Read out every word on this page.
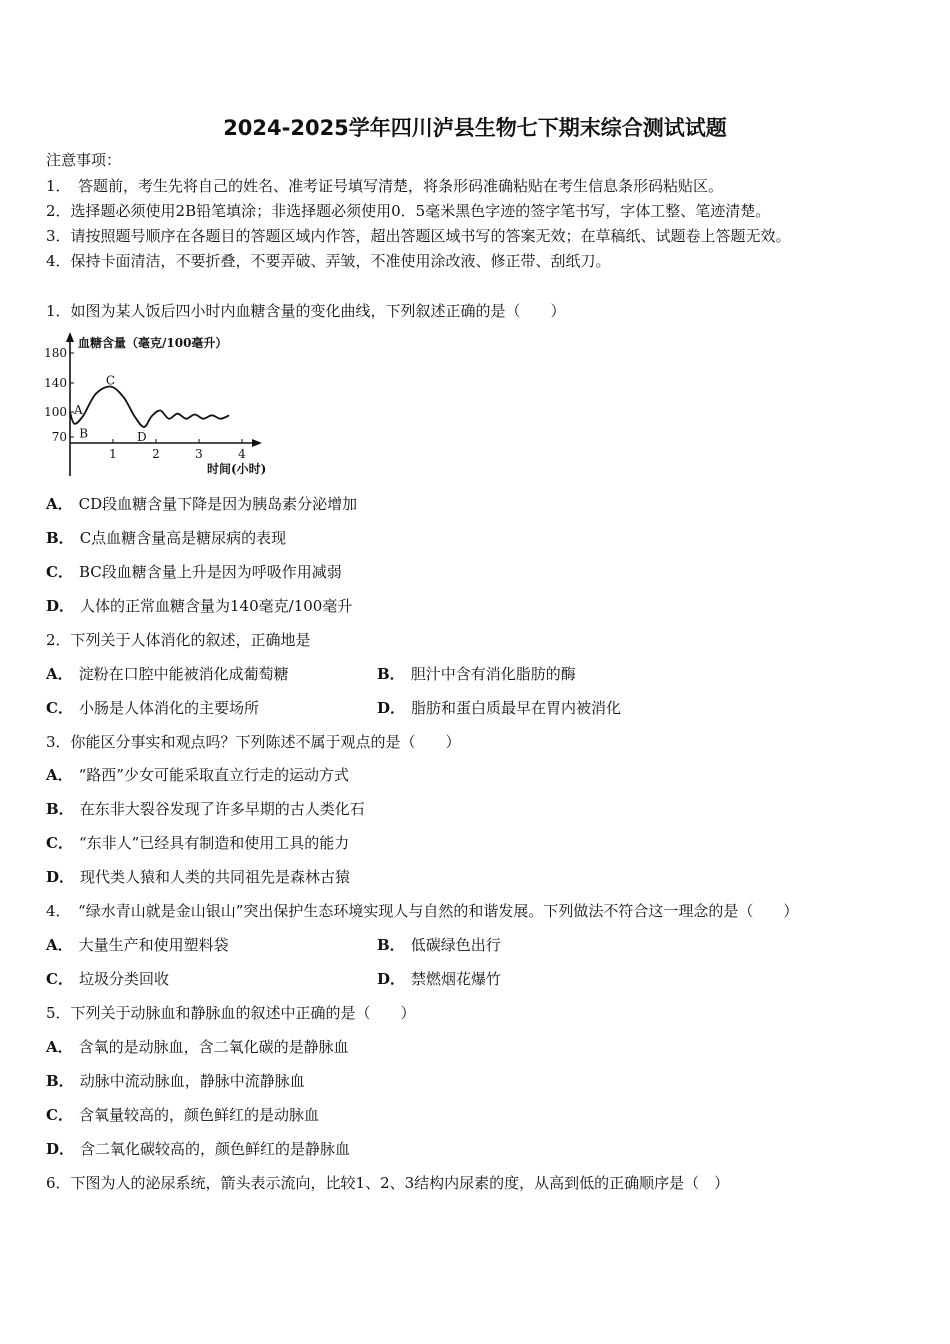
2024-2025学年四川泸县生物七下期末综合测试试题
注意事项：
1．　答题前，考生先将自己的姓名、准考证号填写清楚，将条形码准确粘贴在考生信息条形码粘贴区。
2．选择题必须使用2B铅笔填涂；非选择题必须使用0．5毫米黑色字迹的签字笔书写，字体工整、笔迹清楚。
3．请按照题号顺序在各题目的答题区域内作答，超出答题区域书写的答案无效；在草稿纸、试题卷上答题无效。
4．保持卡面清洁，不要折叠，不要弄破、弄皱，不准使用涂改液、修正带、刮纸刀。
1．如图为某人饭后四小时内血糖含量的变化曲线，下列叙述正确的是（　　）
血糖含量（毫克/100毫升）
时间(小时)
180
140
100
70
1	2	3	4
A
B
C
D
A． CD段血糖含量下降是因为胰岛素分泌增加
B． C点血糖含量高是糖尿病的表现
C． BC段血糖含量上升是因为呼吸作用减弱
D． 人体的正常血糖含量为140毫克/100毫升
2．下列关于人体消化的叙述，正确地是
A． 淀粉在口腔中能被消化成葡萄糖	B． 胆汁中含有消化脂肪的酶
C． 小肠是人体消化的主要场所	D． 脂肪和蛋白质最早在胃内被消化
3．你能区分事实和观点吗？下列陈述不属于观点的是（　　）
A． “路西”少女可能采取直立行走的运动方式
B． 在东非大裂谷发现了许多早期的古人类化石
C． “东非人”已经具有制造和使用工具的能力
D． 现代类人猿和人类的共同祖先是森林古猿
4．　“绿水青山就是金山银山”突出保护生态环境实现人与自然的和谐发展。下列做法不符合这一理念的是（　　）
A． 大量生产和使用塑料袋	B． 低碳绿色出行
C． 垃圾分类回收	D． 禁燃烟花爆竹
5．下列关于动脉血和静脉血的叙述中正确的是（　　）
A． 含氧的是动脉血，含二氧化碳的是静脉血
B． 动脉中流动脉血，静脉中流静脉血
C． 含氧量较高的，颜色鲜红的是动脉血
D． 含二氧化碳较高的，颜色鲜红的是静脉血
6．下图为人的泌尿系统，箭头表示流向，比较1、2、3结构内尿素的度，从高到低的正确顺序是（　）
